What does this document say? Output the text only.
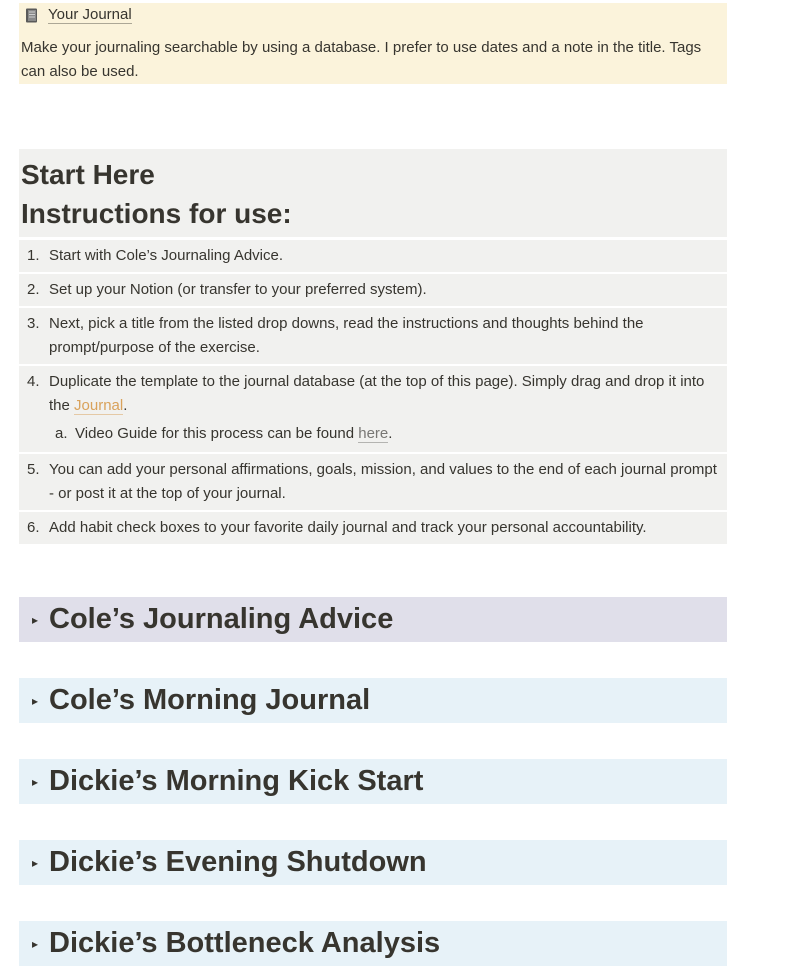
Your Journal
Make your journaling searchable by using a database. I prefer to use dates and a note in the title. Tags can also be used.
Start Here
Instructions for use:
1. Start with Cole’s Journaling Advice.
2. Set up your Notion (or transfer to your preferred system).
3. Next, pick a title from the listed drop downs, read the instructions and thoughts behind the prompt/purpose of the exercise.
4. Duplicate the template to the journal database (at the top of this page). Simply drag and drop it into the Journal.
a. Video Guide for this process can be found here.
5. You can add your personal affirmations, goals, mission, and values to the end of each journal prompt - or post it at the top of your journal.
6. Add habit check boxes to your favorite daily journal and track your personal accountability.
▸ Cole’s Journaling Advice
▸ Cole’s Morning Journal
▸ Dickie’s Morning Kick Start
▸ Dickie’s Evening Shutdown
▸ Dickie’s Bottleneck Analysis
